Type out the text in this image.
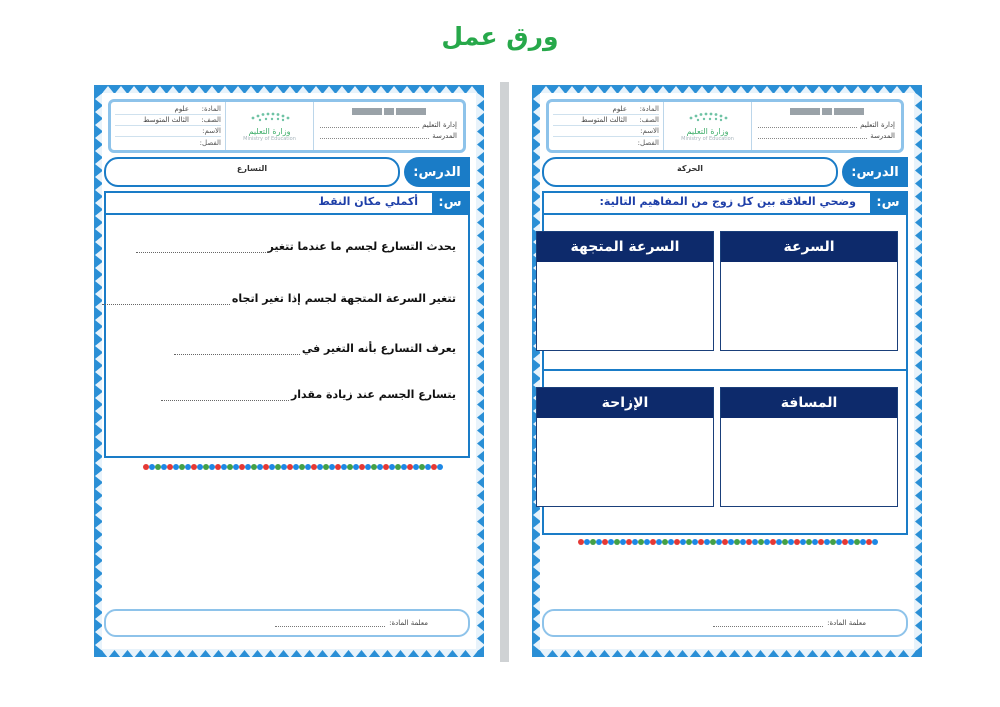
ورق عمل
إدارة التعليم
المدرسة
وزارة التعليم
Ministry of Education
المادة:
علوم
الصف:
الثالث المتوسط
الاسم:
الفصل:
الدرس:
التسارع
س:
أكملي مكان النقط
يحدث التسارع لجسم ما عندما تتغير
تتغير السرعة المتجهة لجسم إذا تغير اتجاه
يعرف التسارع بأنه التغير في
يتسارع الجسم عند زيادة مقدار
معلمة المادة:
إدارة التعليم
المدرسة
وزارة التعليم
Ministry of Education
المادة:
علوم
الصف:
الثالث المتوسط
الاسم:
الفصل:
الدرس:
الحركة
س:
وضحي العلاقة بين كل زوج من المفاهيم التالية:
السرعة
السرعة المتجهة
المسافة
الإزاحة
معلمة المادة:
